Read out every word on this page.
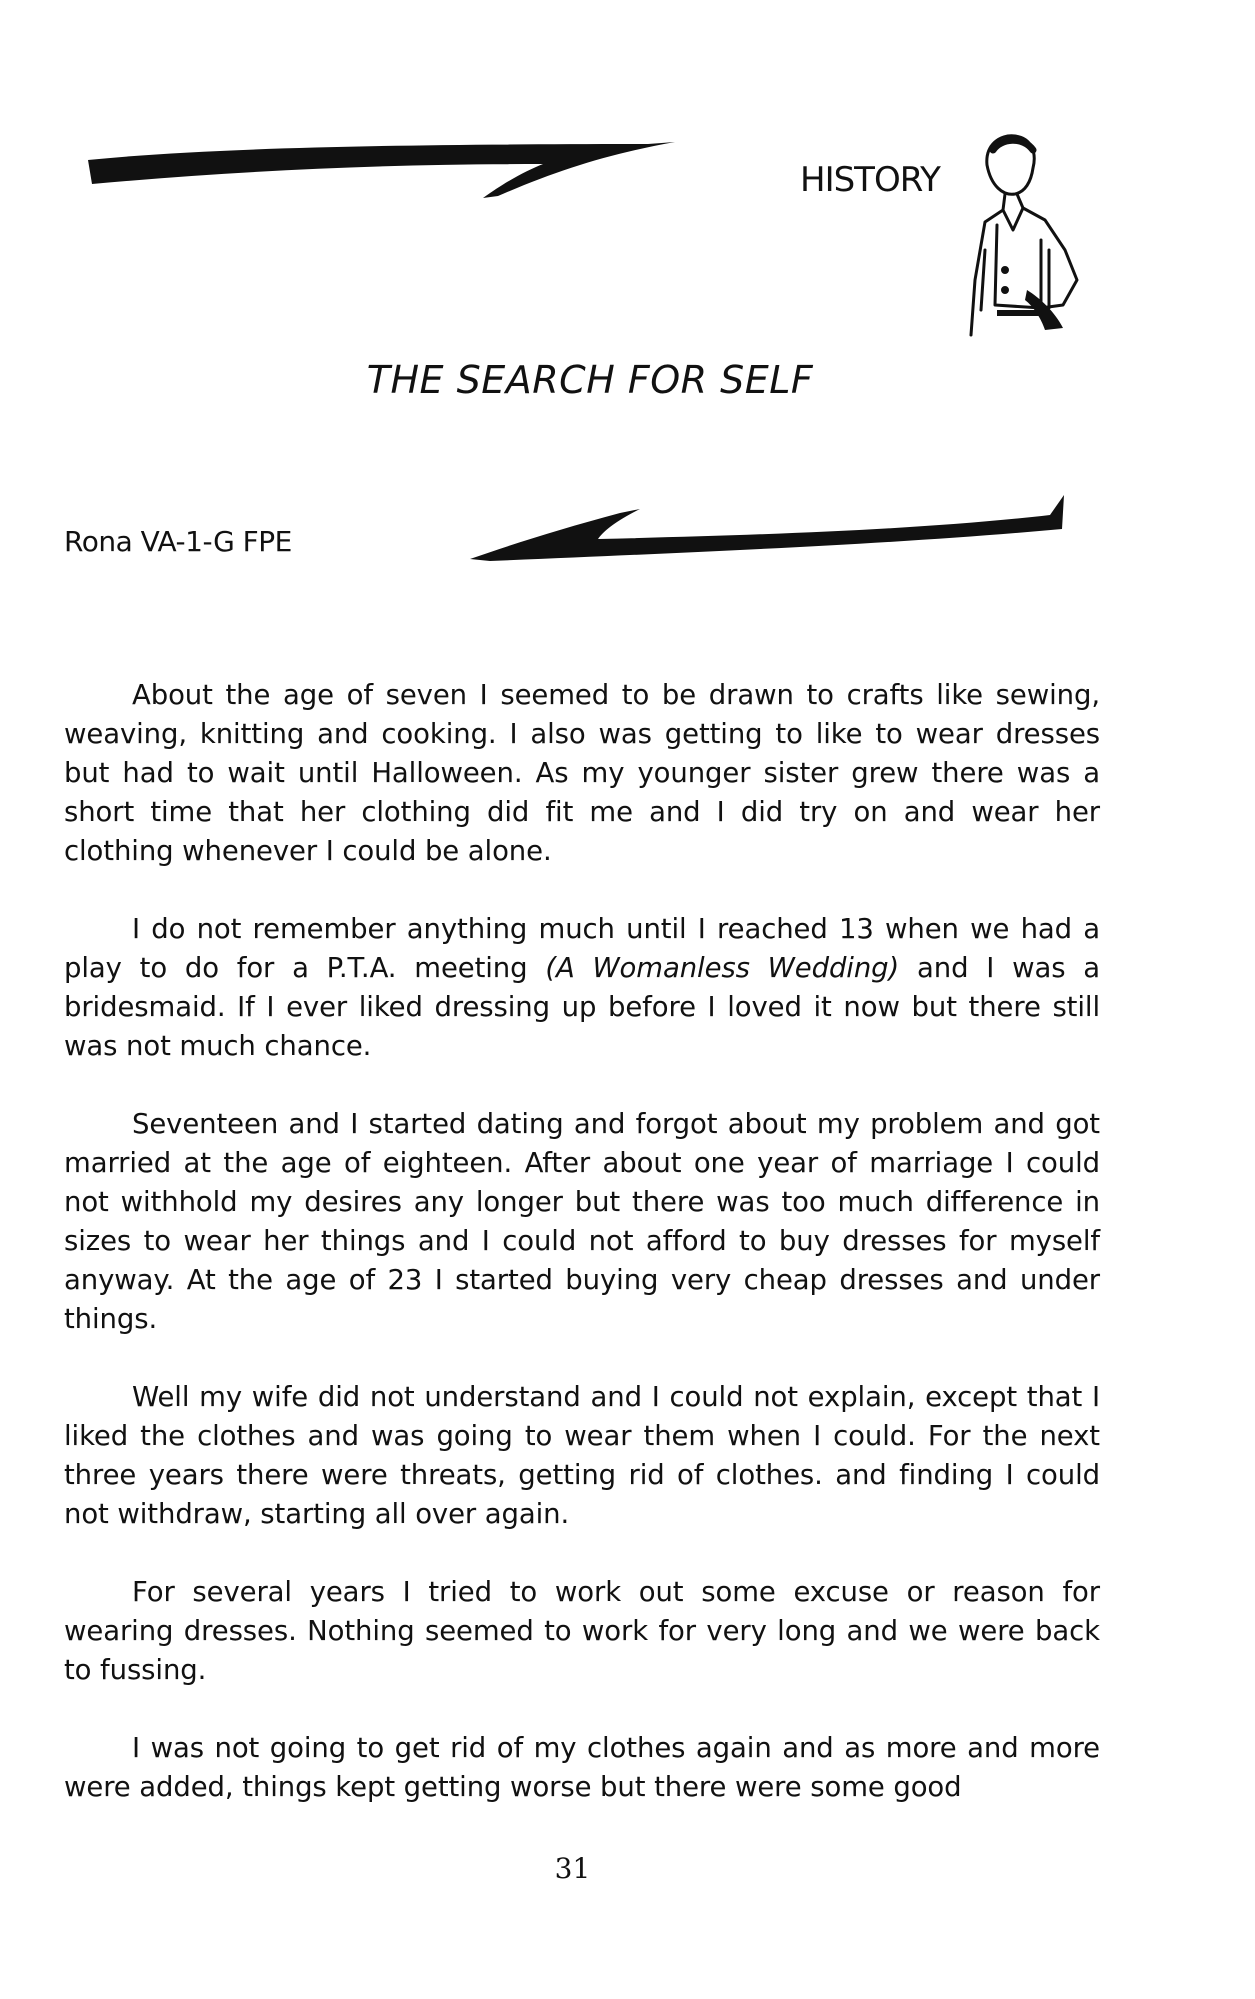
HISTORY
THE SEARCH FOR SELF
Rona VA-1-G FPE

About the age of seven I seemed to be drawn to crafts like sewing, weaving, knitting and cooking. I also was getting to like to wear dresses but had to wait until Halloween. As my younger sister grew there was a short time that her clothing did fit me and I did try on and wear her clothing whenever I could be alone.

I do not remember anything much until I reached 13 when we had a play to do for a P.T.A. meeting (A Womanless Wedding) and I was a bridesmaid. If I ever liked dressing up before I loved it now but there still was not much chance.

Seventeen and I started dating and forgot about my problem and got married at the age of eighteen. After about one year of marriage I could not withhold my desires any longer but there was too much difference in sizes to wear her things and I could not afford to buy dresses for myself anyway. At the age of 23 I started buying very cheap dresses and under things.

Well my wife did not understand and I could not explain, except that I liked the clothes and was going to wear them when I could. For the next three years there were threats, getting rid of clothes. and finding I could not withdraw, starting all over again.

For several years I tried to work out some excuse or reason for wearing dresses. Nothing seemed to work for very long and we were back to fussing.

I was not going to get rid of my clothes again and as more and more were added, things kept getting worse but there were some good

31
